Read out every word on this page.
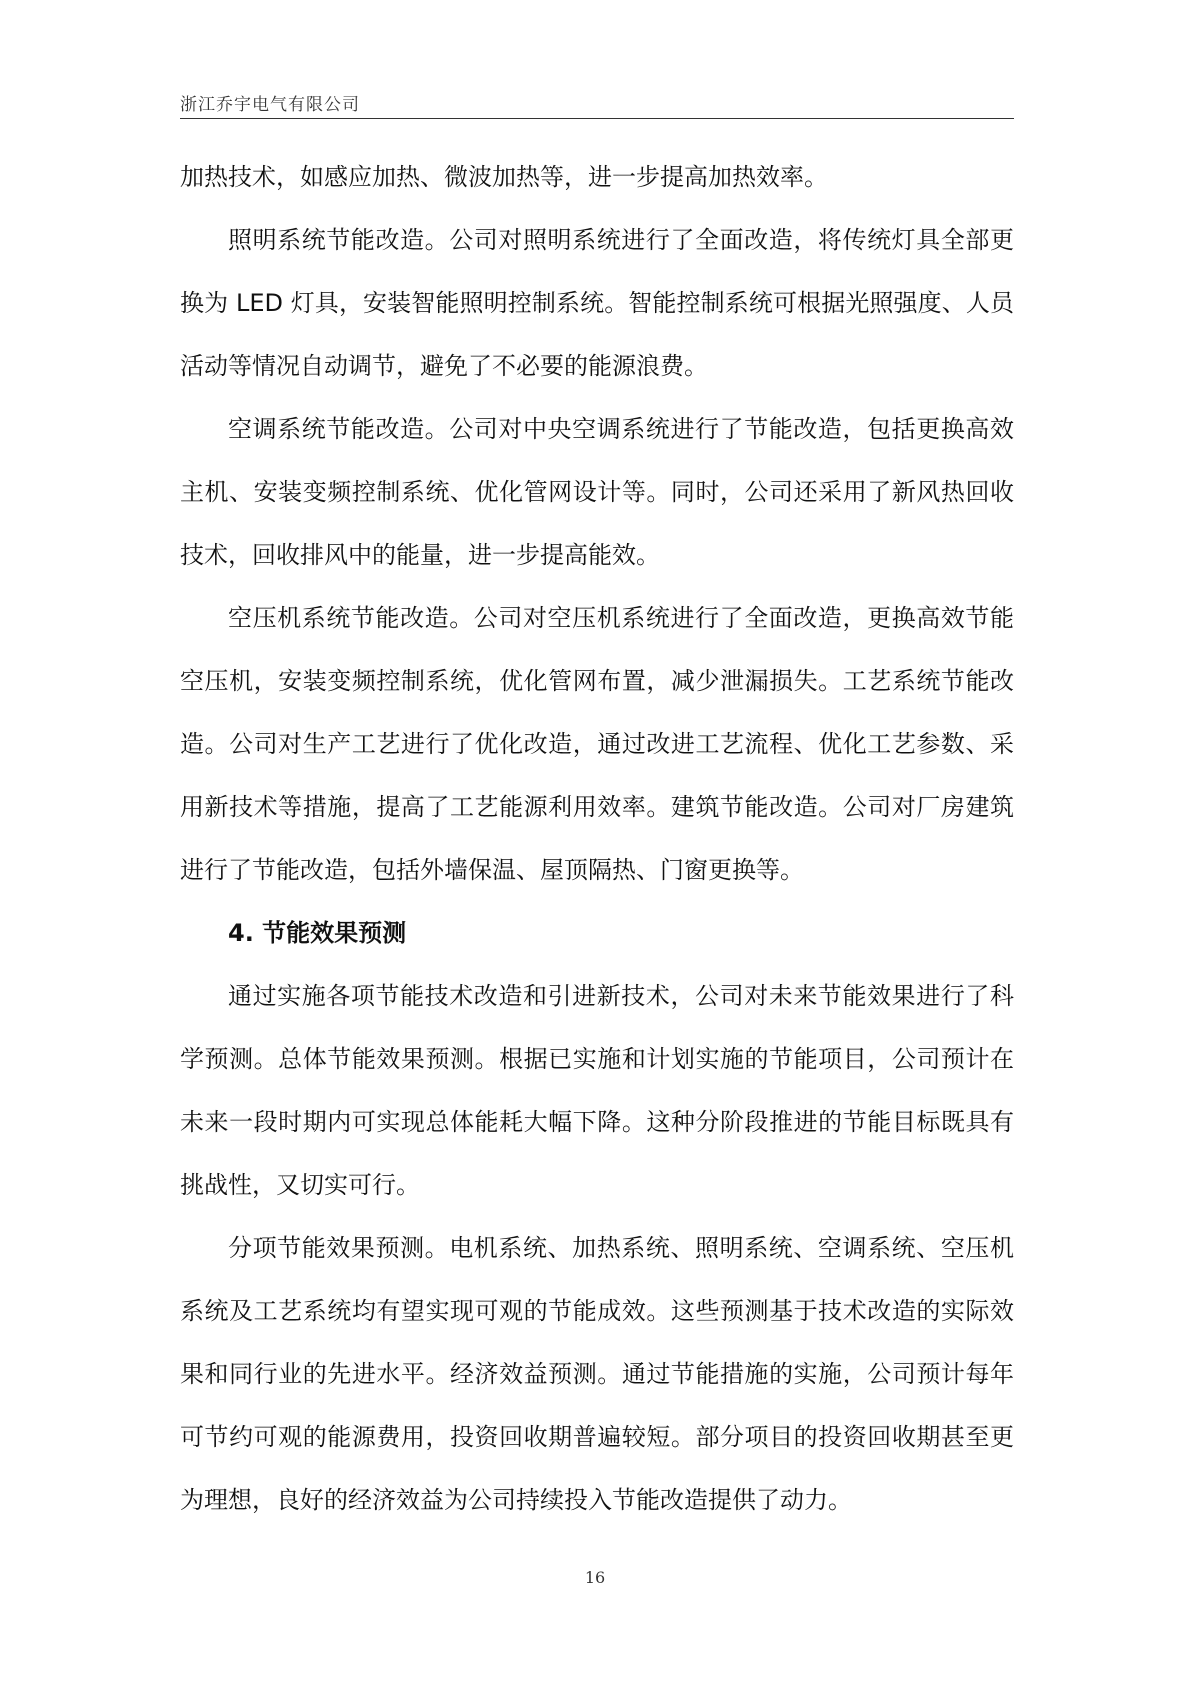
浙江乔宇电气有限公司

加热技术，如感应加热、微波加热等，进一步提高加热效率。

照明系统节能改造。公司对照明系统进行了全面改造，将传统灯具全部更换为 LED 灯具，安装智能照明控制系统。智能控制系统可根据光照强度、人员活动等情况自动调节，避免了不必要的能源浪费。

空调系统节能改造。公司对中央空调系统进行了节能改造，包括更换高效主机、安装变频控制系统、优化管网设计等。同时，公司还采用了新风热回收技术，回收排风中的能量，进一步提高能效。

空压机系统节能改造。公司对空压机系统进行了全面改造，更换高效节能空压机，安装变频控制系统，优化管网布置，减少泄漏损失。工艺系统节能改造。公司对生产工艺进行了优化改造，通过改进工艺流程、优化工艺参数、采用新技术等措施，提高了工艺能源利用效率。建筑节能改造。公司对厂房建筑进行了节能改造，包括外墙保温、屋顶隔热、门窗更换等。

4. 节能效果预测

通过实施各项节能技术改造和引进新技术，公司对未来节能效果进行了科学预测。总体节能效果预测。根据已实施和计划实施的节能项目，公司预计在未来一段时期内可实现总体能耗大幅下降。这种分阶段推进的节能目标既具有挑战性，又切实可行。

分项节能效果预测。电机系统、加热系统、照明系统、空调系统、空压机系统及工艺系统均有望实现可观的节能成效。这些预测基于技术改造的实际效果和同行业的先进水平。经济效益预测。通过节能措施的实施，公司预计每年可节约可观的能源费用，投资回收期普遍较短。部分项目的投资回收期甚至更为理想，良好的经济效益为公司持续投入节能改造提供了动力。

16
